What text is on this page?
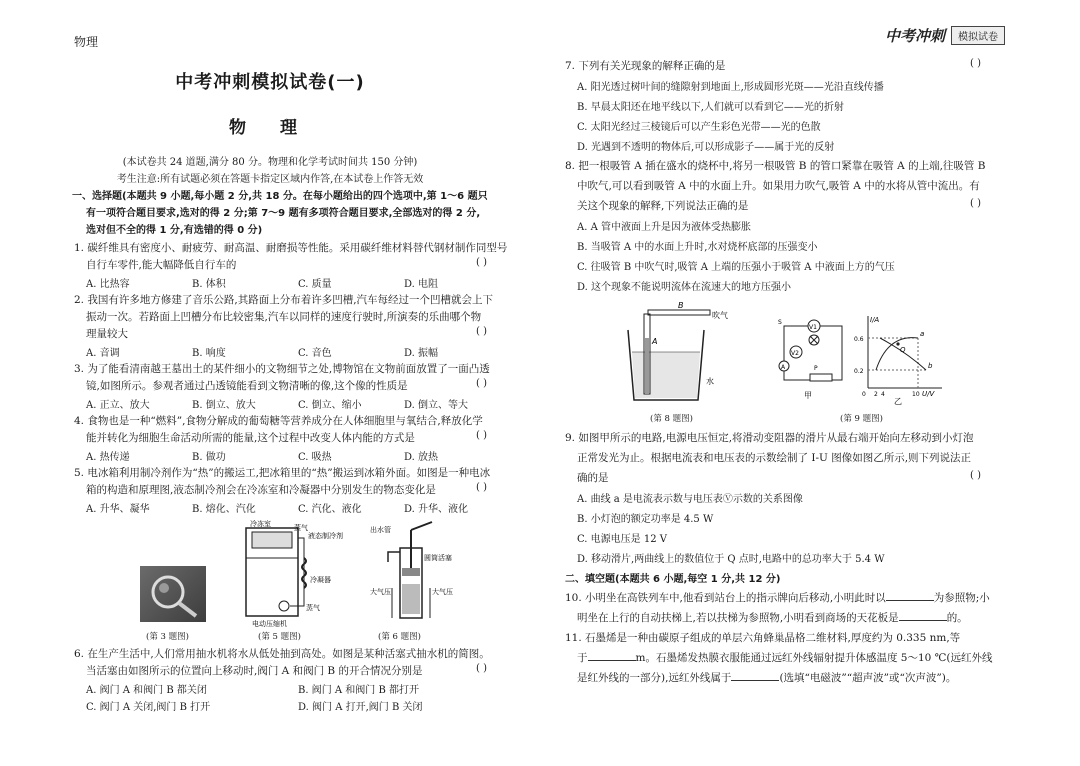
物理
中考冲刺模拟试卷(一)
物 理
(本试卷共 24 道题,满分 80 分。物理和化学考试时间共 150 分钟)
考生注意:所有试题必须在答题卡指定区域内作答,在本试卷上作答无效
一、选择题(本题共 9 小题,每小题 2 分,共 18 分。在每小题给出的四个选项中,第 1～6 题只
有一项符合题目要求,选对的得 2 分;第 7～9 题有多项符合题目要求,全部选对的得 2 分,
选对但不全的得 1 分,有选错的得 0 分)
1. 碳纤维具有密度小、耐疲劳、耐高温、耐磨损等性能。采用碳纤维材料替代钢材制作同型号
自行车零件,能大幅降低自行车的	( )
A. 比热容	B. 体积	C. 质量	D. 电阻
2. 我国有许多地方修建了音乐公路,其路面上分布着许多凹槽,汽车每经过一个凹槽就会上下
振动一次。若路面上凹槽分布比较密集,汽车以同样的速度行驶时,所演奏的乐曲哪个物
理量较大	( )
A. 音调	B. 响度	C. 音色	D. 振幅
3. 为了能看清南越王墓出土的某件细小的文物细节之处,博物馆在文物前面放置了一面凸透
镜,如图所示。参观者通过凸透镜能看到文物清晰的像,这个像的性质是	( )
A. 正立、放大	B. 倒立、放大	C. 倒立、缩小	D. 倒立、等大
4. 食物也是一种“燃料”,食物分解成的葡萄糖等营养成分在人体细胞里与氧结合,释放化学
能并转化为细胞生命活动所需的能量,这个过程中改变人体内能的方式是	( )
A. 热传递	B. 做功	C. 吸热	D. 放热
5. 电冰箱利用制冷剂作为“热”的搬运工,把冰箱里的“热”搬运到冰箱外面。如图是一种电冰
箱的构造和原理图,液态制冷剂会在冷冻室和冷凝器中分别发生的物态变化是	( )
A. 升华、凝华	B. 熔化、汽化	C. 汽化、液化	D. 升华、液化
(第 3 题图)
冷冻室	蒸气
液态制冷剂
冷凝器
蒸气
电动压缩机
(第 5 题图)
出水管
圆筒活塞
大气压	大气压
(第 6 题图)
6. 在生产生活中,人们常用抽水机将水从低处抽到高处。如图是某种活塞式抽水机的简图。
当活塞由如图所示的位置向上移动时,阀门 A 和阀门 B 的开合情况分别是	( )
A. 阀门 A 和阀门 B 都关闭	B. 阀门 A 和阀门 B 都打开
C. 阀门 A 关闭,阀门 B 打开	D. 阀门 A 打开,阀门 B 关闭
中考冲刺	模拟试卷
7. 下列有关光现象的解释正确的是	( )
A. 阳光透过树叶间的缝隙射到地面上,形成圆形光斑——光沿直线传播
B. 早晨太阳还在地平线以下,人们就可以看到它——光的折射
C. 太阳光经过三棱镜后可以产生彩色光带——光的色散
D. 光遇到不透明的物体后,可以形成影子——属于光的反射
8. 把一根吸管 A 插在盛水的烧杯中,将另一根吸管 B 的管口紧靠在吸管 A 的上端,往吸管 B
中吹气,可以看到吸管 A 中的水面上升。如果用力吹气,吸管 A 中的水将从管中流出。有
关这个现象的解释,下列说法正确的是	( )
A. A 管中液面上升是因为液体受热膨胀
B. 当吸管 A 中的水面上升时,水对烧杯底部的压强变小
C. 往吸管 B 中吹气时,吸管 A 上端的压强小于吸管 A 中液面上方的气压
D. 这个现象不能说明流体在流速大的地方压强小
B
吹气
A
水
(第 8 题图)
V1
V2
A	P
S
甲
I/A
U/V
0.6
0.2
0 2 4	10
a
b
Q
乙
(第 9 题图)
9. 如图甲所示的电路,电源电压恒定,将滑动变阻器的滑片从最右端开始向左移动到小灯泡
正常发光为止。根据电流表和电压表的示数绘制了 I-U 图像如图乙所示,则下列说法正
确的是	( )
A. 曲线 a 是电流表示数与电压表Ⓥ示数的关系图像
B. 小灯泡的额定功率是 4.5 W
C. 电源电压是 12 V
D. 移动滑片,两曲线上的数值位于 Q 点时,电路中的总功率大于 5.4 W
二、填空题(本题共 6 小题,每空 1 分,共 12 分)
10. 小明坐在高铁列车中,他看到站台上的指示牌向后移动,小明此时以	为参照物;小
明坐在上行的自动扶梯上,若以扶梯为参照物,小明看到商场的天花板是	的。
11. 石墨烯是一种由碳原子组成的单层六角蜂巢晶格二维材料,厚度约为 0.335 nm,等
于	m。石墨烯发热膜衣服能通过远红外线辐射提升体感温度 5～10 ℃(远红外线
是红外线的一部分),远红外线属于	(选填“电磁波”“超声波”或“次声波”)。
